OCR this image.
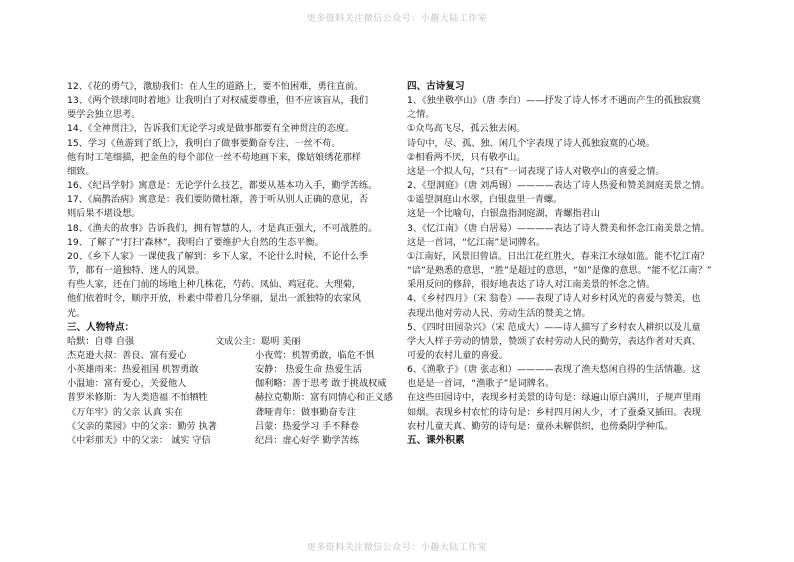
更多资料关注微信公众号：小趣大陆工作室

12、《花的勇气》，激励我们：在人生的道路上，要不怕困难，勇往直前。

13、《两个铁球同时着地》让我明白了对权威要尊重，但不应该盲从，我们

要学会独立思考。

14、《全神贯注》，告诉我们无论学习或是做事都要有全神贯注的态度。

15、学习《鱼游到了纸上》，我明白了做事要勤奋专注、一丝不苟。

他有时工笔细描，把金鱼的每个部位一丝不苟地画下来，像姑娘绣花那样

细致。

16、《纪昌学射》寓意是：无论学什么技艺，都要从基本功入手，勤学苦练。

17、《扁鹊治病》寓意是：我们要防微杜渐，善于听从别人正确的意见，否

则后果不堪设想。

18、《渔夫的故事》告诉我们，拥有智慧的人，才是真正强大，不可战胜的。

19、了解了“‘打扫’森林”，我明白了要维护大自然的生态平衡。

20、《乡下人家》一课使我了解到：乡下人家，不论什么时候，不论什么季

节，都有一道独特、迷人的风景。

有些人家，还在门前的场地上种几株花，芍药、凤仙、鸡冠花、大理菊，

他们依着时令，顺序开放，朴素中带着几分华丽，显出一派独特的农家风

光。

三、人物特点：

哈默：自尊 自强	文成公主：聪明 美丽
杰克逊大叔：善良、富有爱心	小夜莺：机智勇敢，临危不惧
小英雄雨来：热爱祖国 机智勇敢	安静： 热爱生命 热爱生活
小温迪：富有爱心，关爱他人	伽利略：善于思考 敢于挑战权威
普罗米修斯：为人类造福 不怕牺牲	赫拉克勒斯：富有同情心和正义感
《万年牢》的父亲 认真 实在	聋哑青年：做事勤奋专注
《父亲的菜园》中的父亲：勤劳 执著	吕蒙：热爱学习 手不释卷
《中彩那天》中的父亲： 诚实 守信	纪昌：虚心好学 勤学苦练

四、古诗复习

1、《独坐敬亭山》（唐 李白）——抒发了诗人怀才不遇而产生的孤独寂寞

之情。

①众鸟高飞尽，孤云独去闲。

诗句中，尽、孤、独、闲几个字表现了诗人孤独寂寞的心境。

②相看两不厌，只有敬亭山。

这是一个拟人句，“只有”一词表现了诗人对敬亭山的喜爱之情。

2、《望洞庭》（唐 刘禹锡）————表达了诗人热爱和赞美洞庭美景之情。

①遥望洞庭山水翠，白银盘里一青螺。

这是一个比喻句，白银盘指洞庭湖，青螺指君山

3、《忆江南》（唐 白居易）————表达了诗人赞美和怀念江南美景之情。

这是一首词，“忆江南”是词牌名。

①江南好，风景旧曾谙。日出江花红胜火，春来江水绿如蓝。能不忆江南？

“谙”是熟悉的意思，“胜”是超过的意思，“如”是像的意思。“能不忆江南？”

采用反问的修辞，很好地表达了诗人对江南美景的怀念之情。

4、《乡村四月》（宋 翁卷）——表现了诗人对乡村风光的喜爱与赞美，也

表现出他对劳动人民、劳动生活的赞美之情。

5、《四时田园杂兴》（宋 范成大）——诗人描写了乡村农人耕织以及儿童

学大人样子劳动的情景，赞颂了农村劳动人民的勤劳，表达作者对天真、

可爱的农村儿童的喜爱。

6、《渔歌子》（唐 张志和）————表现了渔夫悠闲自得的生活情趣。这

也是是一首词，“渔歌子”是词牌名。

在这些田园诗中，表现乡村美景的诗句是：绿遍山原白满川，子规声里雨

如烟。表现乡村农忙的诗句是：乡村四月闲人少，才了蚕桑又插田。表现

农村儿童天真、勤劳的诗句是：童孙未解供织，也傍桑阴学种瓜。

五、课外积累

更多资料关注微信公众号：小趣大陆工作室
